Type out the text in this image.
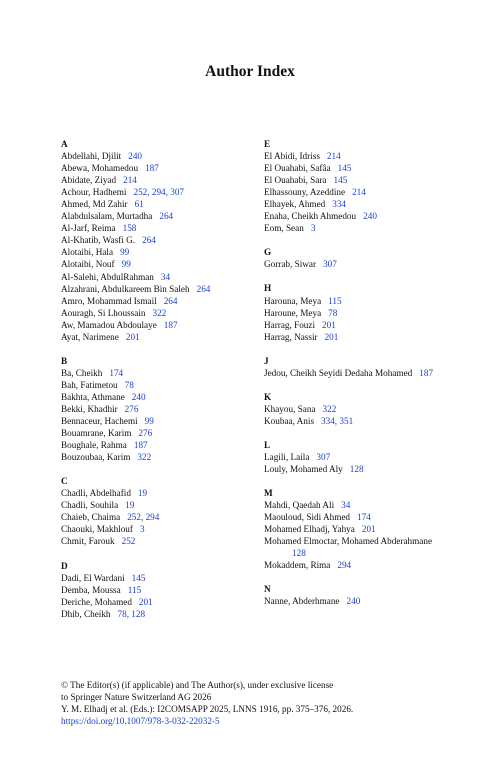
Author Index

A

Abdellahi, Djilit 240

Abewa, Mohamedou 187

Abidate, Ziyad 214

Achour, Hadhemi 252, 294, 307

Ahmed, Md Zahir 61

Alabdulsalam, Murtadha 264

Al-Jarf, Reima 158

Al-Khatib, Wasfi G. 264

Alotaibi, Hala 99

Alotaibi, Nouf 99

Al-Salehi, AbdulRahman 34

Alzahrani, Abdulkareem Bin Saleh 264

Amro, Mohammad Ismail 264

Aouragh, Si Lhoussain 322

Aw, Mamadou Abdoulaye 187

Ayat, Narimene 201

B

Ba, Cheikh 174

Bah, Fatimetou 78

Bakhta, Athmane 240

Bekki, Khadhir 276

Bennaceur, Hachemi 99

Bouamrane, Karim 276

Boughale, Rahma 187

Bouzoubaa, Karim 322

C

Chadli, Abdelhafid 19

Chadli, Souhila 19

Chaieb, Chaima 252, 294

Chaouki, Makhlouf 3

Chmit, Farouk 252

D

Dadi, El Wardani 145

Demba, Moussa 115

Deriche, Mohamed 201

Dhib, Cheikh 78, 128

E

El Abidi, Idriss 214

El Ouahabi, Safâa 145

El Ouahabi, Sara 145

Elhassouny, Azeddine 214

Elhayek, Ahmed 334

Enaha, Cheikh Ahmedou 240

Eom, Sean 3

G

Gorrab, Siwar 307

H

Harouna, Meya 115

Haroune, Meya 78

Harrag, Fouzi 201

Harrag, Nassir 201

J

Jedou, Cheikh Seyidi Dedaha Mohamed 187

K

Khayou, Sana 322

Koubaa, Anis 334, 351

L

Lagili, Laila 307

Louly, Mohamed Aly 128

M

Mahdi, Qaedah Ali 34

Maouloud, Sidi Ahmed 174

Mohamed Elhadj, Yahya 201

Mohamed Elmoctar, Mohamed Abderahmane
128

Mokaddem, Rima 294

N

Nanne, Abderhmane 240

© The Editor(s) (if applicable) and The Author(s), under exclusive license

to Springer Nature Switzerland AG 2026

Y. M. Elhadj et al. (Eds.): I2COMSAPP 2025, LNNS 1916, pp. 375–376, 2026.

https://doi.org/10.1007/978-3-032-22032-5
